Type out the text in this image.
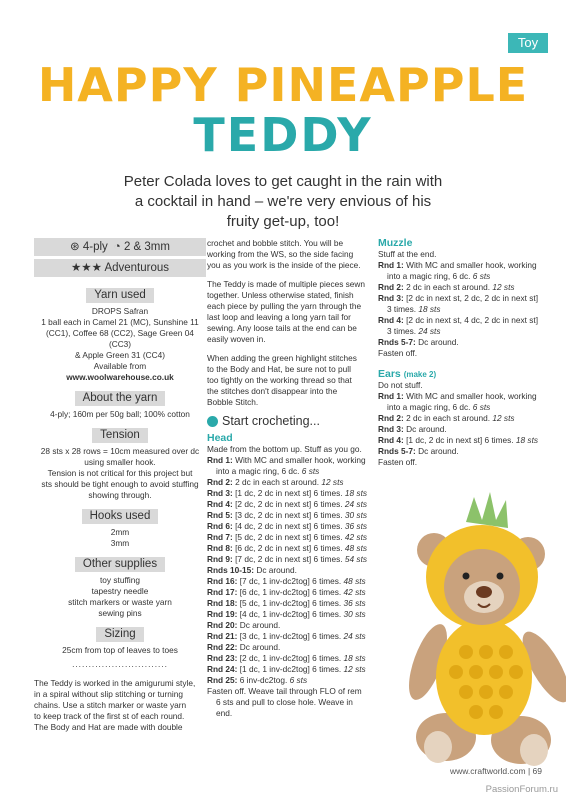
Toy
HAPPY PINEAPPLE
TEDDY
Peter Colada loves to get caught in the rain with a cocktail in hand – we're very envious of his fruity get-up, too!
⊛ 4-ply ◔ 2 & 3mm
★★★ Adventurous
Yarn used
DROPS Safran
1 ball each in Camel 21 (MC), Sunshine 11
(CC1), Coffee 68 (CC2), Sage Green 04 (CC3)
& Apple Green 31 (CC4)
Available from
www.woolwarehouse.co.uk
About the yarn
4-ply; 160m per 50g ball; 100% cotton
Tension
28 sts x 28 rows = 10cm measured over dc
using smaller hook.
Tension is not critical for this project but
sts should be tight enough to avoid stuffing
showing through.
Hooks used
2mm
3mm
Other supplies
toy stuffing
tapestry needle
stitch markers or waste yarn
sewing pins
Sizing
25cm from top of leaves to toes
.............................
The Teddy is worked in the amigurumi style,
in a spiral without slip stitching or turning
chains. Use a stitch marker or waste yarn
to keep track of the first st of each round.
The Body and Hat are made with double

crochet and bobble stitch. You will be
working from the WS, so the side facing
you as you work is the inside of the piece.

The Teddy is made of multiple pieces sewn
together. Unless otherwise stated, finish
each piece by pulling the yarn through the
last loop and leaving a long yarn tail for
sewing. Any loose tails at the end can be
easily woven in.

When adding the green highlight stitches
to the Body and Hat, be sure not to pull
too tightly on the working thread so that
the stitches don't disappear into the
Bobble Stitch.

Start crocheting...
Head
Made from the bottom up. Stuff as you go.
Rnd 1: With MC and smaller hook, working
into a magic ring, 6 dc. 6 sts
Rnd 2: 2 dc in each st around. 12 sts
Rnd 3: [1 dc, 2 dc in next st] 6 times. 18 sts
Rnd 4: [2 dc, 2 dc in next st] 6 times. 24 sts
Rnd 5: [3 dc, 2 dc in next st] 6 times. 30 sts
Rnd 6: [4 dc, 2 dc in next st] 6 times. 36 sts
Rnd 7: [5 dc, 2 dc in next st] 6 times. 42 sts
Rnd 8: [6 dc, 2 dc in next st] 6 times. 48 sts
Rnd 9: [7 dc, 2 dc in next st] 6 times. 54 sts
Rnds 10-15: Dc around.
Rnd 16: [7 dc, 1 inv-dc2tog] 6 times. 48 sts
Rnd 17: [6 dc, 1 inv-dc2tog] 6 times. 42 sts
Rnd 18: [5 dc, 1 inv-dc2tog] 6 times. 36 sts
Rnd 19: [4 dc, 1 inv-dc2tog] 6 times. 30 sts
Rnd 20: Dc around.
Rnd 21: [3 dc, 1 inv-dc2tog] 6 times. 24 sts
Rnd 22: Dc around.
Rnd 23: [2 dc, 1 inv-dc2tog] 6 times. 18 sts
Rnd 24: [1 dc, 1 inv-dc2tog] 6 times. 12 sts
Rnd 25: 6 inv-dc2tog. 6 sts
Fasten off. Weave tail through FLO of rem
6 sts and pull to close hole. Weave in end.
Muzzle
Stuff at the end.
Rnd 1: With MC and smaller hook, working
into a magic ring, 6 dc. 6 sts
Rnd 2: 2 dc in each st around. 12 sts
Rnd 3: [2 dc in next st, 2 dc, 2 dc in next st]
3 times. 18 sts
Rnd 4: [2 dc in next st, 4 dc, 2 dc in next st]
3 times. 24 sts
Rnds 5-7: Dc around.
Fasten off.
Ears (make 2)
Do not stuff.
Rnd 1: With MC and smaller hook, working
into a magic ring, 6 dc. 6 sts
Rnd 2: 2 dc in each st around. 12 sts
Rnd 3: Dc around.
Rnd 4: [1 dc, 2 dc in next st] 6 times. 18 sts
Rnds 5-7: Dc around.
Fasten off.
www.craftworld.com | 69
PassionForum.ru
